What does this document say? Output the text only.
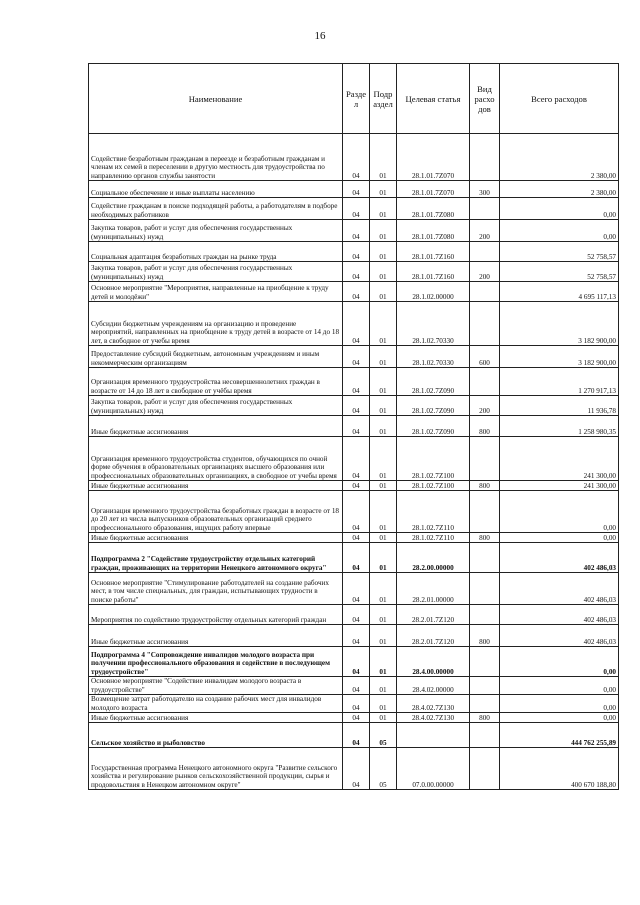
16
Наименование	Разде л	Подр аздел	Целевая статья	Вид расхо дов	Всего расходов
Содействие безработным гражданам в переезде и безработным гражданам и членам их семей в переселении в другую местность для трудоустройства по направлению органов службы занятости	04	01	28.1.01.7Z070		2 380,00
Социальное обеспечение и иные выплаты населению	04	01	28.1.01.7Z070	300	2 380,00
Содействие гражданам в поиске подходящей работы, а работодателям в подборе необходимых работников	04	01	28.1.01.7Z080		0,00
Закупка товаров, работ и услуг для обеспечения государственных (муниципальных) нужд	04	01	28.1.01.7Z080	200	0,00
Социальная адаптация безработных граждан на рынке труда	04	01	28.1.01.7Z160		52 758,57
Закупка товаров, работ и услуг для обеспечения государственных (муниципальных) нужд	04	01	28.1.01.7Z160	200	52 758,57
Основное мероприятие "Мероприятия, направленные на приобщение к труду детей и молодёжи"	04	01	28.1.02.00000		4 695 117,13
Субсидии бюджетным учреждениям на организацию и проведение мероприятий, направленных на приобщение к труду детей в возрасте от 14 до 18 лет, в свободное от учебы время	04	01	28.1.02.70330		3 182 900,00
Предоставление субсидий бюджетным, автономным учреждениям и иным некоммерческим организациям	04	01	28.1.02.70330	600	3 182 900,00
Организация временного трудоустройства несовершеннолетних граждан в возрасте от 14 до 18 лет в свободное от учёбы время	04	01	28.1.02.7Z090		1 270 917,13
Закупка товаров, работ и услуг для обеспечения государственных (муниципальных) нужд	04	01	28.1.02.7Z090	200	11 936,78
Иные бюджетные ассигнования	04	01	28.1.02.7Z090	800	1 258 980,35
Организация временного трудоустройства студентов, обучающихся по очной форме обучения в образовательных организациях высшего образования или профессиональных образовательных организациях, в свободное от учебы время	04	01	28.1.02.7Z100		241 300,00
Иные бюджетные ассигнования	04	01	28.1.02.7Z100	800	241 300,00
Организация временного трудоустройства безработных граждан в возрасте от 18 до 20 лет из числа выпускников образовательных организаций среднего профессионального образования, ищущих работу впервые	04	01	28.1.02.7Z110		0,00
Иные бюджетные ассигнования	04	01	28.1.02.7Z110	800	0,00
Подпрограмма 2 "Содействие трудоустройству отдельных категорий граждан, проживающих на территории Ненецкого автономного округа"	04	01	28.2.00.00000		402 486,03
Основное мероприятие "Стимулирование работодателей на создание рабочих мест, в том числе специальных, для граждан, испытывающих трудности в поиске работы"	04	01	28.2.01.00000		402 486,03
Мероприятия по содействию трудоустройству отдельных категорий граждан	04	01	28.2.01.7Z120		402 486,03
Иные бюджетные ассигнования	04	01	28.2.01.7Z120	800	402 486,03
Подпрограмма 4 "Сопровождение инвалидов молодого возраста при получении профессионального образования и содействие в последующем трудоустройстве"	04	01	28.4.00.00000		0,00
Основное мероприятие "Содействие инвалидам молодого возраста в трудоустройстве"	04	01	28.4.02.00000		0,00
Возмещение затрат работодателю на создание рабочих мест для инвалидов молодого возраста	04	01	28.4.02.7Z130		0,00
Иные бюджетные ассигнования	04	01	28.4.02.7Z130	800	0,00
Сельское хозяйство и рыболовство	04	05			444 762 255,89
Государственная программа Ненецкого автономного округа "Развитие сельского хозяйства и регулирование рынков сельскохозяйственной продукции, сырья и продовольствия в Ненецком автономном округе"	04	05	07.0.00.00000		400 670 188,80
